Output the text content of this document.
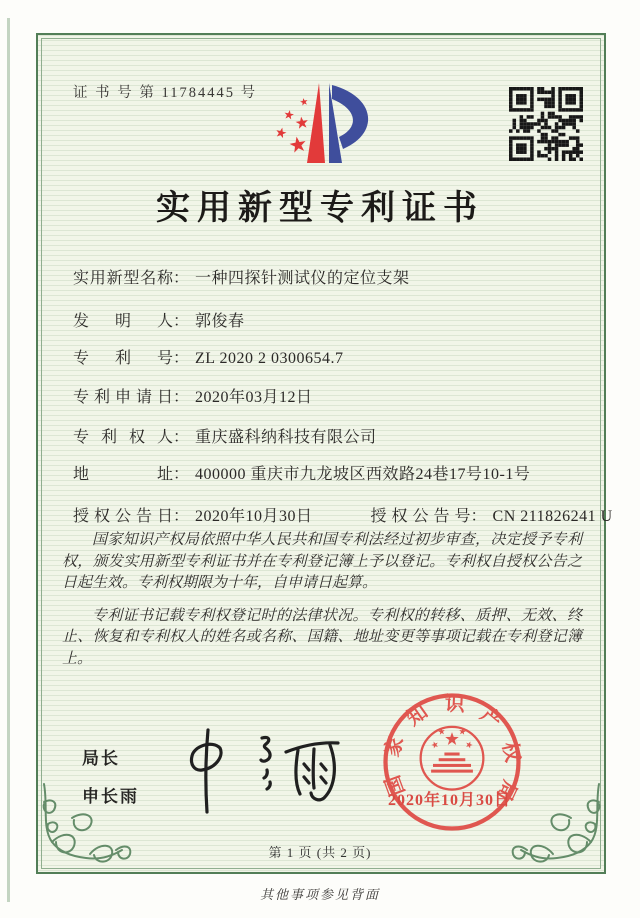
证 书 号 第 11784445 号
实用新型专利证书
实用新型名称： 一种四探针测试仪的定位支架
发明人： 郭俊春
专利号： ZL 2020 2 0300654.7
专利申请日： 2020年03月12日
专利权人： 重庆盛科纳科技有限公司
地址： 400000 重庆市九龙坡区西效路24巷17号10-1号
授权公告日： 2020年10月30日	授权公告号： CN 211826241 U

国家知识产权局依照中华人民共和国专利法经过初步审查，决定授予专利权，颁发实用新型专利证书并在专利登记簿上予以登记。专利权自授权公告之日起生效。专利权期限为十年，自申请日起算。

专利证书记载专利权登记时的法律状况。专利权的转移、质押、无效、终止、恢复和专利权人的姓名或名称、国籍、地址变更等事项记载在专利登记簿上。

局长
申长雨	国家知识产权局
2020年10月30日
第 1 页 (共 2 页)
其他事项参见背面
